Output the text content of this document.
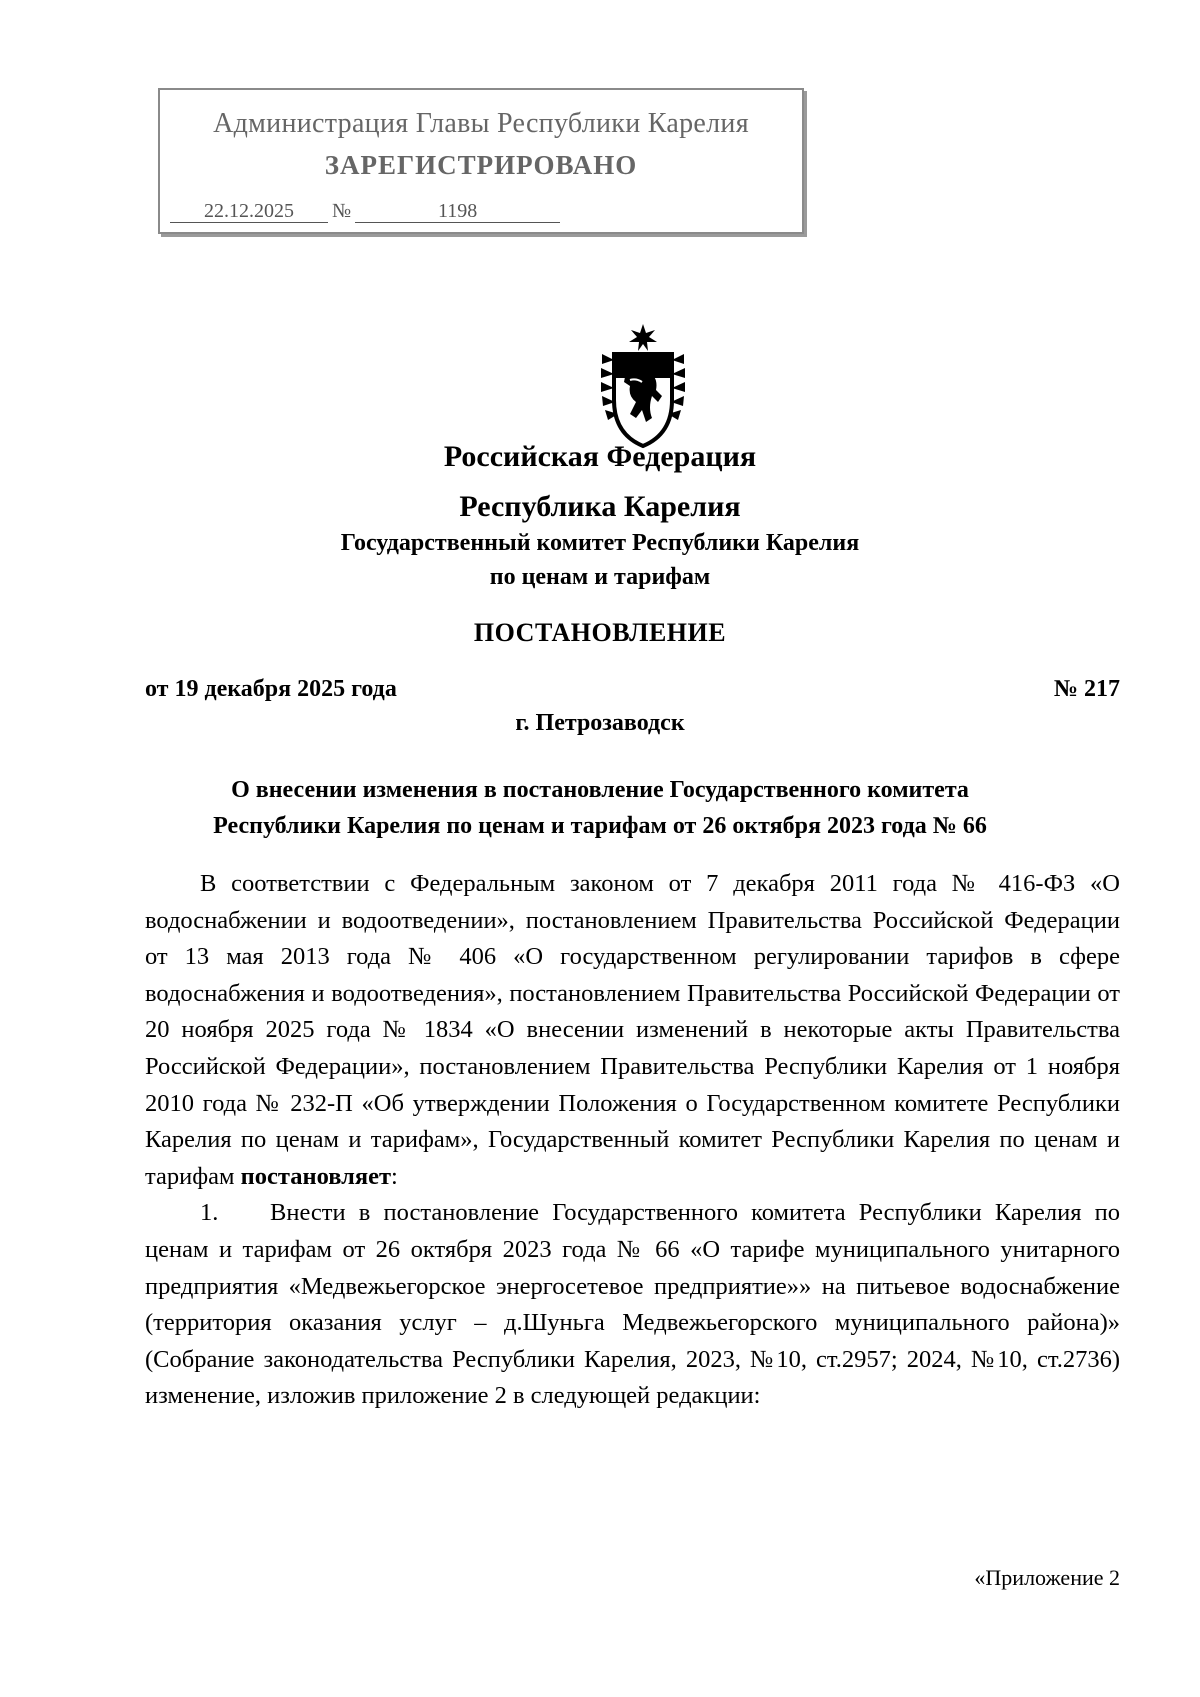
Администрация Главы Республики Карелия
ЗАРЕГИСТРИРОВАНО
22.12.2025 №	1198
Российская Федерация
Республика Карелия
Государственный комитет Республики Карелия
по ценам и тарифам
ПОСТАНОВЛЕНИЕ
от 19 декабря 2025 года	№ 217
г. Петрозаводск
О внесении изменения в постановление Государственного комитета
Республики Карелия по ценам и тарифам от 26 октября 2023 года № 66

В соответствии с Федеральным законом от 7 декабря 2011 года № 416-ФЗ «О водоснабжении и водоотведении», постановлением Правительства Российской Федерации от 13 мая 2013 года № 406 «О государственном регулировании тарифов в сфере водоснабжения и водоотведения», постановлением Правительства Российской Федерации от 20 ноября 2025 года № 1834 «О внесении изменений в некоторые акты Правительства Российской Федерации», постановлением Правительства Республики Карелия от 1 ноября 2010 года № 232-П «Об утверждении Положения о Государственном комитете Республики Карелия по ценам и тарифам», Государственный комитет Республики Карелия по ценам и тарифам постановляет:

1. Внести в постановление Государственного комитета Республики Карелия по ценам и тарифам от 26 октября 2023 года № 66 «О тарифе муниципального унитарного предприятия «Медвежьегорское энергосетевое предприятие»» на питьевое водоснабжение (территория оказания услуг – д.Шуньга Медвежьегорского муниципального района)» (Собрание законодательства Республики Карелия, 2023, №10, ст.2957; 2024, №10, ст.2736) изменение, изложив приложение 2 в следующей редакции:

«Приложение 2
